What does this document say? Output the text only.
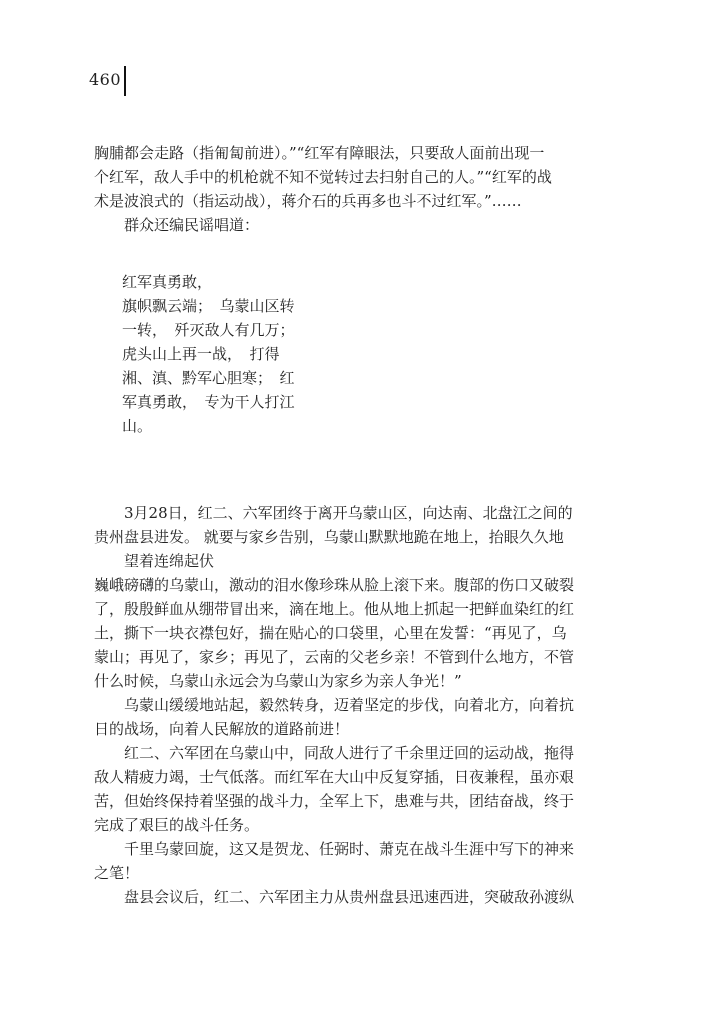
460
胸脯都会走路（指匍匐前进）。”“红军有障眼法，只要敌人面前出现一
个红军，敌人手中的机枪就不知不觉转过去扫射自己的人。”“红军的战
术是波浪式的（指运动战），蒋介石的兵再多也斗不过红军。”……
　　群众还编民谣唱道：
红军真勇敢，
旗帜飘云端；　乌蒙山区转
一转，　歼灭敌人有几万；
虎头山上再一战，　打得
湘、滇、黔军心胆寒；　红
军真勇敢，　专为干人打江
山。
　　3月28日，红二、六军团终于离开乌蒙山区，向达南、北盘江之间的
贵州盘县进发。 就要与家乡告别，乌蒙山默默地跪在地上，抬眼久久地
　　望着连绵起伏
巍峨磅礴的乌蒙山，激动的泪水像珍珠从脸上滚下来。腹部的伤口又破裂
了，殷殷鲜血从绷带冒出来，滴在地上。他从地上抓起一把鲜血染红的红
土，撕下一块衣襟包好，揣在贴心的口袋里，心里在发誓：“再见了，乌
蒙山；再见了，家乡；再见了，云南的父老乡亲！不管到什么地方，不管
什么时候，乌蒙山永远会为乌蒙山为家乡为亲人争光！”
　　乌蒙山缓缓地站起，毅然转身，迈着坚定的步伐，向着北方，向着抗
日的战场，向着人民解放的道路前进！
　　红二、六军团在乌蒙山中，同敌人进行了千余里迂回的运动战，拖得
敌人精疲力竭，士气低落。而红军在大山中反复穿插，日夜兼程，虽亦艰
苦，但始终保持着坚强的战斗力，全军上下，患难与共，团结奋战，终于
完成了艰巨的战斗任务。
　　千里乌蒙回旋，这又是贺龙、任弼时、萧克在战斗生涯中写下的神来
之笔！
　　盘县会议后，红二、六军团主力从贵州盘县迅速西进，突破敌孙渡纵
